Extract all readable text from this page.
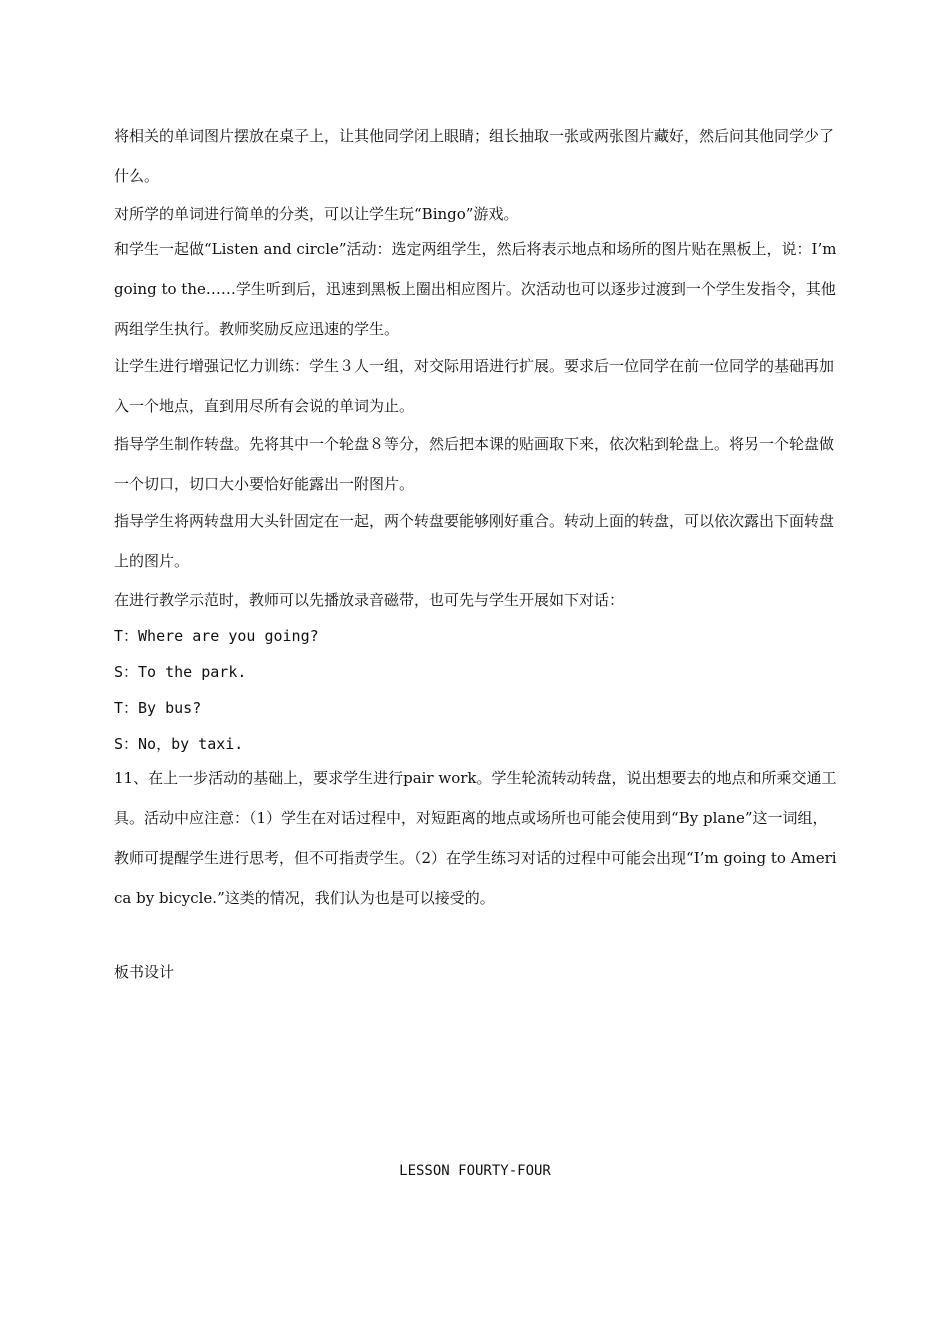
将相关的单词图片摆放在桌子上，让其他同学闭上眼睛；组长抽取一张或两张图片藏好，然后问其他同学少了什么。
对所学的单词进行简单的分类，可以让学生玩“Bingo”游戏。
和学生一起做“Listen and circle”活动：选定两组学生，然后将表示地点和场所的图片贴在黑板上，说：I’m going to the……学生听到后，迅速到黑板上圈出相应图片。次活动也可以逐步过渡到一个学生发指令，其他两组学生执行。教师奖励反应迅速的学生。
让学生进行增强记忆力训练：学生３人一组，对交际用语进行扩展。要求后一位同学在前一位同学的基础再加入一个地点，直到用尽所有会说的单词为止。
指导学生制作转盘。先将其中一个轮盘８等分，然后把本课的贴画取下来，依次粘到轮盘上。将另一个轮盘做一个切口，切口大小要恰好能露出一附图片。
指导学生将两转盘用大头针固定在一起，两个转盘要能够刚好重合。转动上面的转盘，可以依次露出下面转盘上的图片。
在进行教学示范时，教师可以先播放录音磁带，也可先与学生开展如下对话：
T：Where are you going?
S：To the park.
T：By bus?
S：No，by taxi.
11、在上一步活动的基础上，要求学生进行pair work。学生轮流转动转盘，说出想要去的地点和所乘交通工具。活动中应注意：（1）学生在对话过程中，对短距离的地点或场所也可能会使用到“By plane”这一词组，教师可提醒学生进行思考，但不可指责学生。（2）在学生练习对话的过程中可能会出现“I’m going to America by bicycle.”这类的情况，我们认为也是可以接受的。
板书设计
LESSON FOURTY-FOUR
